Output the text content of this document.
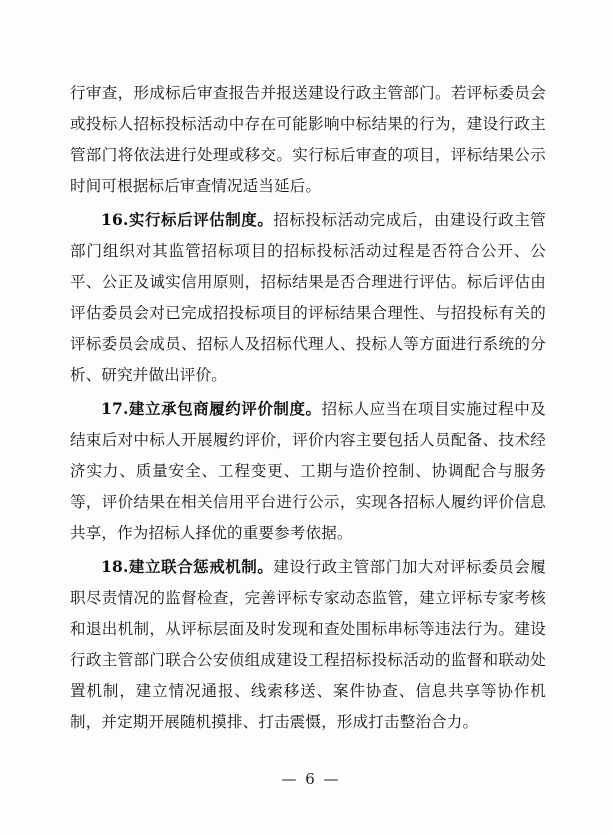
行审查，形成标后审查报告并报送建设行政主管部门。若评标委员会或投标人招标投标活动中存在可能影响中标结果的行为，建设行政主管部门将依法进行处理或移交。实行标后审查的项目，评标结果公示时间可根据标后审查情况适当延后。

16.实行标后评估制度。招标投标活动完成后，由建设行政主管部门组织对其监管招标项目的招标投标活动过程是否符合公开、公平、公正及诚实信用原则，招标结果是否合理进行评估。标后评估由评估委员会对已完成招投标项目的评标结果合理性、与招投标有关的评标委员会成员、招标人及招标代理人、投标人等方面进行系统的分析、研究并做出评价。

17.建立承包商履约评价制度。招标人应当在项目实施过程中及结束后对中标人开展履约评价，评价内容主要包括人员配备、技术经济实力、质量安全、工程变更、工期与造价控制、协调配合与服务等，评价结果在相关信用平台进行公示，实现各招标人履约评价信息共享，作为招标人择优的重要参考依据。

18.建立联合惩戒机制。建设行政主管部门加大对评标委员会履职尽责情况的监督检查，完善评标专家动态监管，建立评标专家考核和退出机制，从评标层面及时发现和查处围标串标等违法行为。建设行政主管部门联合公安侦组成建设工程招标投标活动的监督和联动处置机制，建立情况通报、线索移送、案件协查、信息共享等协作机制，并定期开展随机摸排、打击震慑，形成打击整治合力。

— 6 —
